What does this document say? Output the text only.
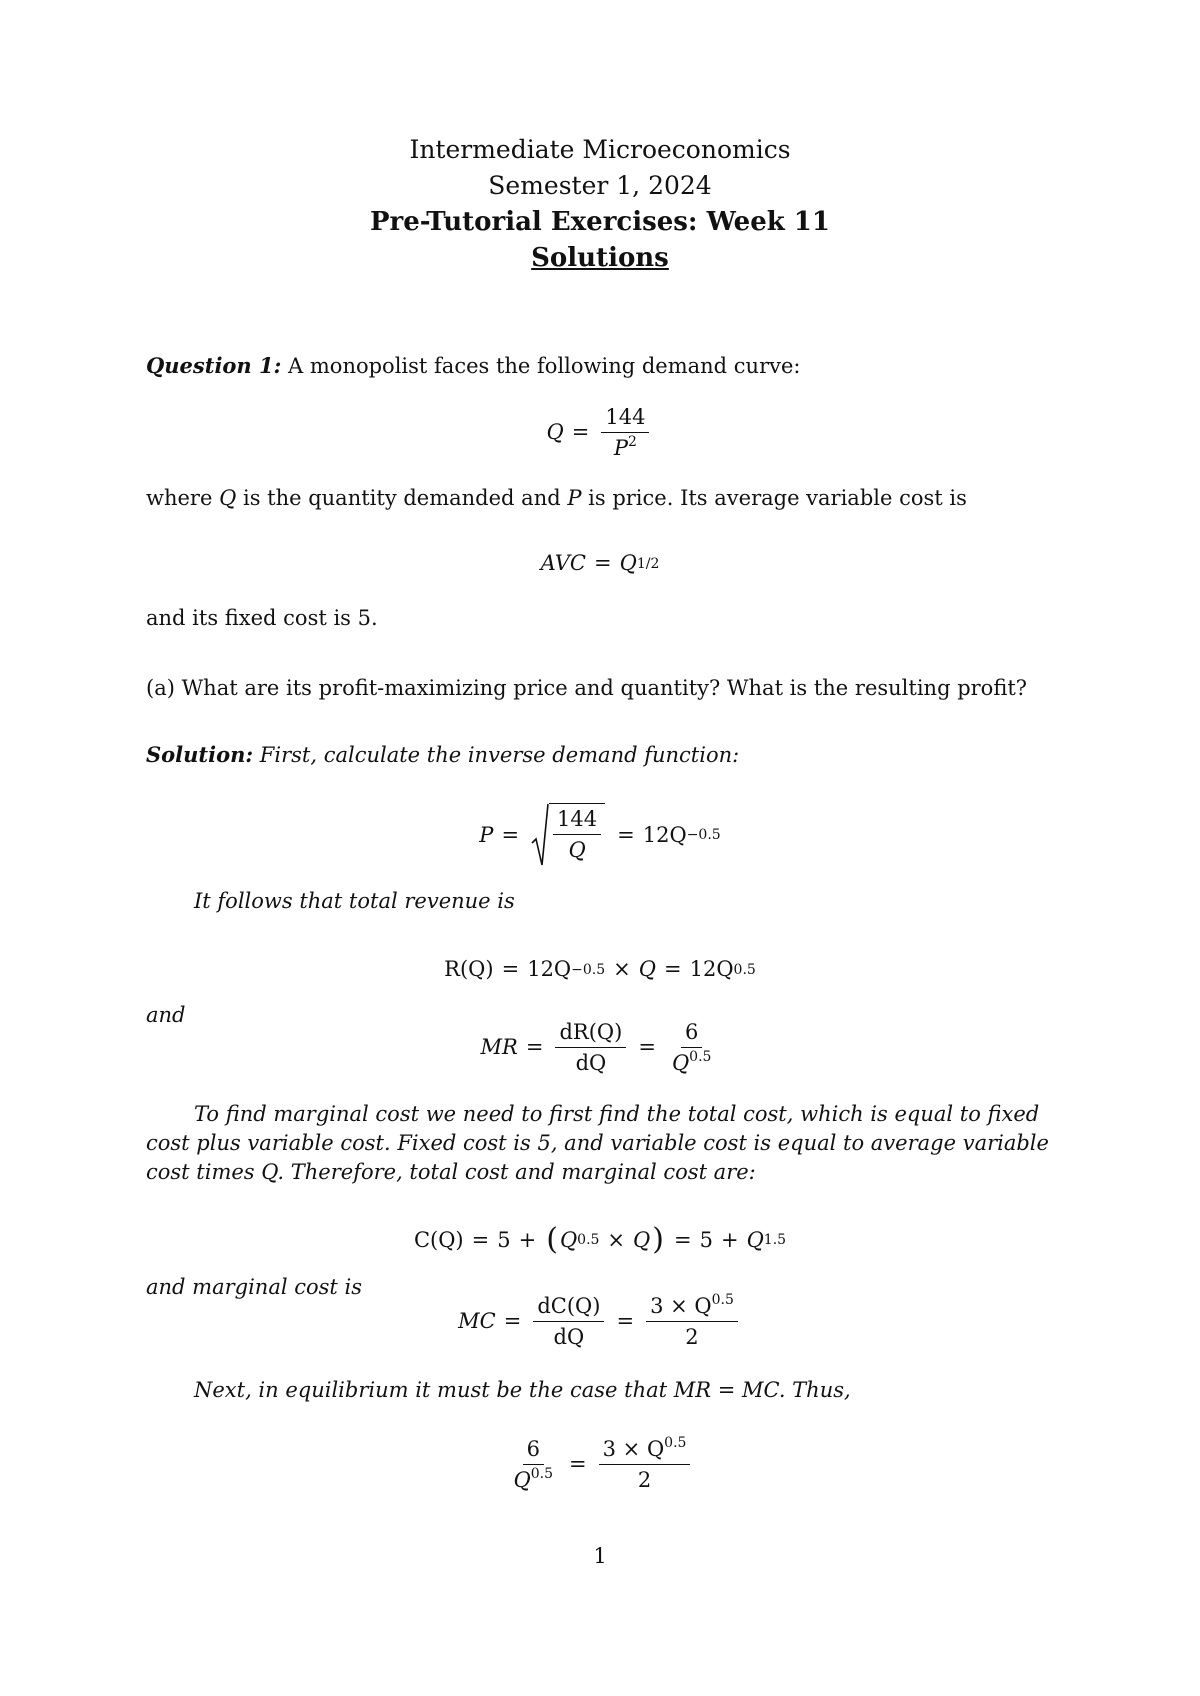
Intermediate Microeconomics
Semester 1, 2024
Pre-Tutorial Exercises: Week 11
Solutions
Question 1: A monopolist faces the following demand curve:
$Q = \frac{144}{P^2}$
where Q is the quantity demanded and P is price. Its average variable cost is
AVC = Q 1/2
and its fixed cost is 5.
(a) What are its profit-maximizing price and quantity? What is the resulting profit?
Solution: First, calculate the inverse demand function:
$P = \frac{144}{Q} = 12Q -0.5$
It follows that total revenue is
R(Q) = 12Q −0.5 × Q = 12Q 0.5
and
MR = $\frac{dR(Q)}{dQ} = \frac{6}{Q^{0.5}}$
To find marginal cost we need to first find the total cost, which is equal to fixed cost plus variable cost. Fixed cost is 5, and variable cost is equal to average variable cost times Q. Therefore, total cost and marginal cost are:
C(Q) = 5 + ( Q 0.5 × Q ) = 5 + Q 1.5
and marginal cost is
MC = $\frac{dC(Q)}{dQ} = \frac{3 \times Q^{0.5}}{2}$
Next, in equilibrium it must be the case that MR = MC. Thus,
$\frac{6}{Q^{0.5}} = \frac{3 \times Q^{0.5}}{2}$
1
